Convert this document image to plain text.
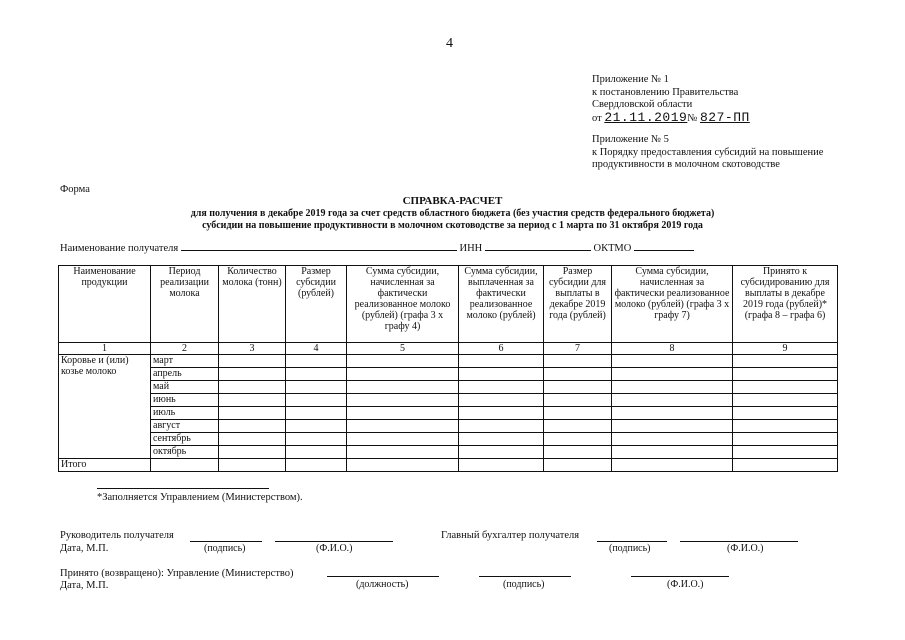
4
Приложение № 1
к постановлению Правительства
Свердловской области
от 21.11.2019№ 827-ПП
Приложение № 5
к Порядку предоставления субсидий на повышение
продуктивности в молочном скотоводстве
Форма
СПРАВКА-РАСЧЕТ
для получения в декабре 2019 года за счет средств областного бюджета (без участия средств федерального бюджета)
субсидии на повышение продуктивности в молочном скотоводстве за период с 1 марта по 31 октября 2019 года
Наименование получателя	ИНН	ОКТМО
Наименование продукции	Период реализации молока	Количество молока (тонн)	Размер субсидии (рублей)	Сумма субсидии, начисленная за фактически реализованное молоко (рублей) (графа 3 x графу 4)	Сумма субсидии, выплаченная за фактически реализованное молоко (рублей)	Размер субсидии для выплаты в декабре 2019 года (рублей)	Сумма субсидии, начисленная за фактически реализованное молоко (рублей) (графа 3 x графу 7)	Принято к субсидированию для выплаты в декабре 2019 года (рублей)* (графа 8 – графа 6)
1	2	3	4	5	6	7	8	9
Коровье и (или) козье молоко	март							
	апрель							
	май							
	июнь							
	июль							
	август							
	сентябрь							
	октябрь							
Итого								
*Заполняется Управлением (Министерством).
Руководитель получателя
Дата, М.П.	(подпись)	(Ф.И.О.)
Главный бухгалтер получателя
(подпись)	(Ф.И.О.)
Принято (возвращено): Управление (Министерство)
Дата, М.П.	(должность)	(подпись)	(Ф.И.О.)
